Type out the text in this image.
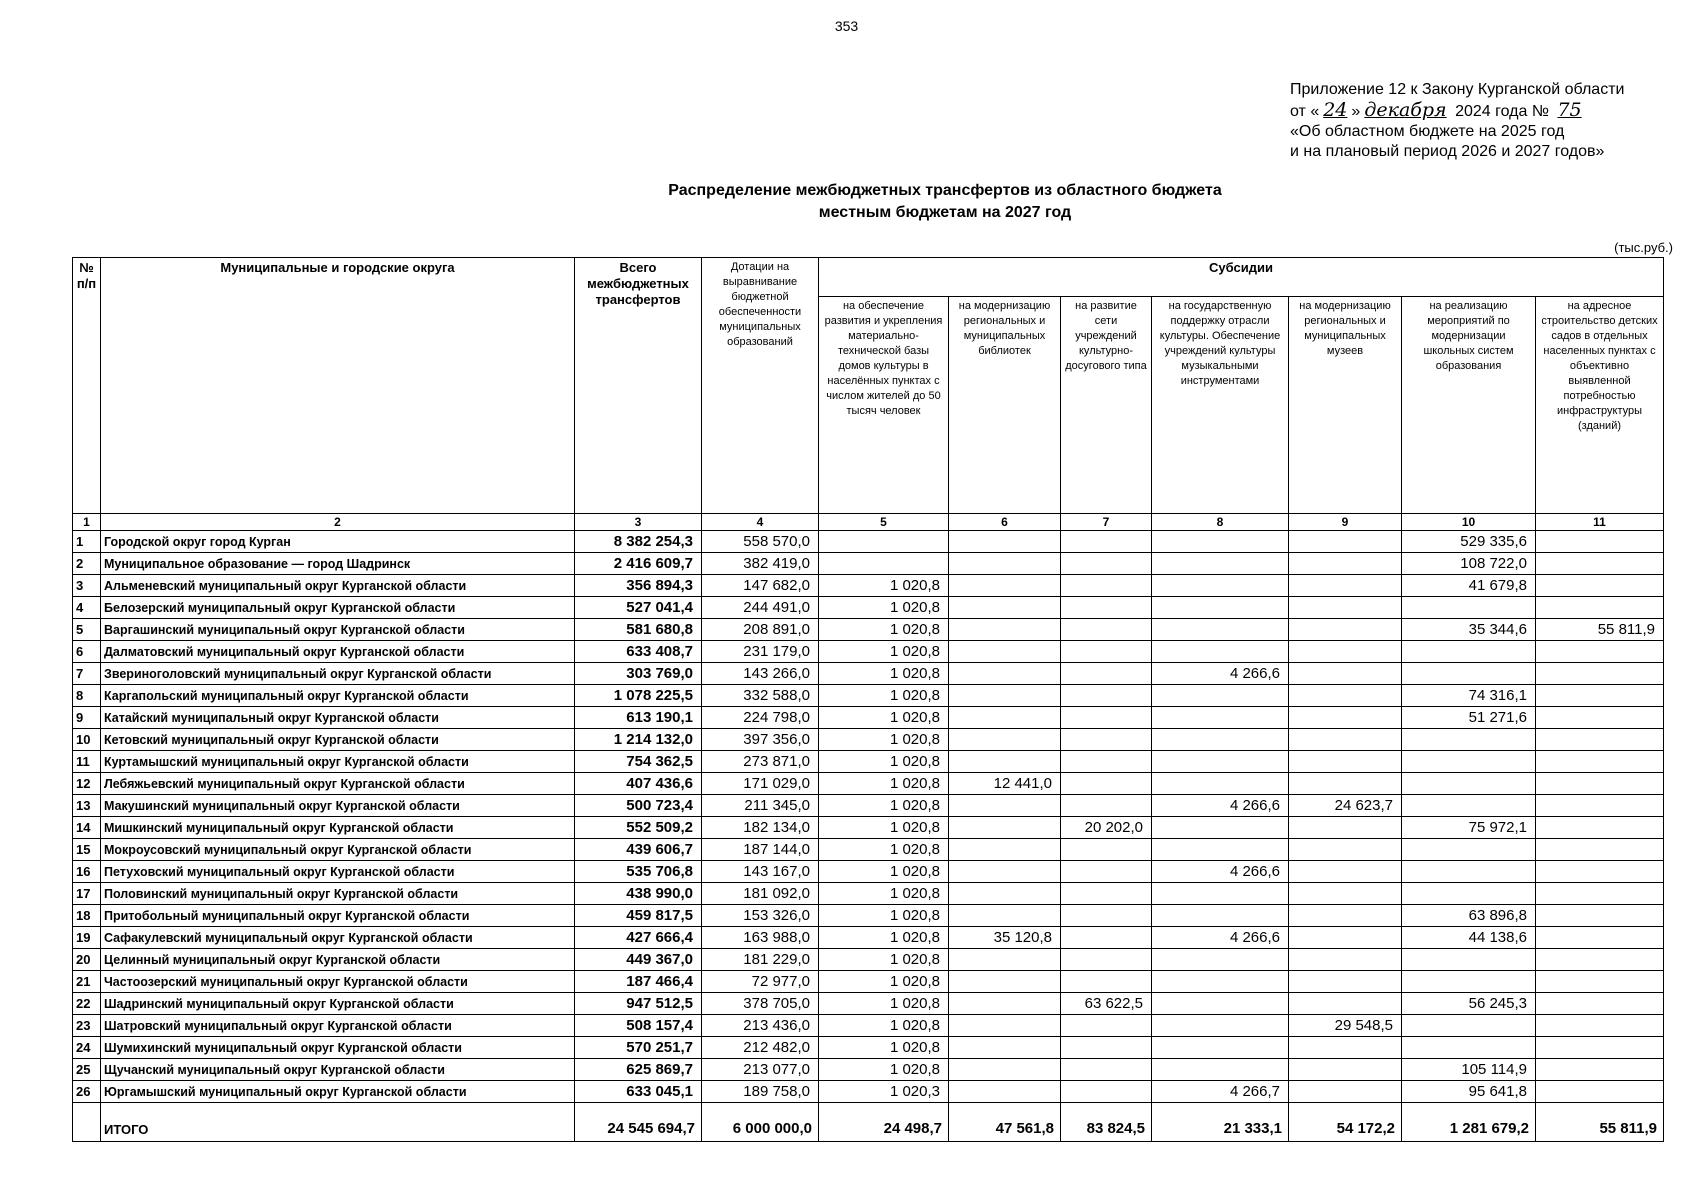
353
Приложение 12 к Закону Курганской области
от « 24 » декабря 2024 года № 75
«Об областном бюджете на 2025 год
и на плановый период 2026 и 2027 годов»
Распределение межбюджетных трансфертов из областного бюджета
местным бюджетам на 2027 год
(тыс.руб.)
№ п/п	Муниципальные и городские округа	Всего межбюджетных трансфертов	Дотации на выравнивание бюджетной обеспеченности муниципальных образований	Субсидии						
				на обеспечение развития и укрепления материально-технической базы домов культуры в населённых пунктах с числом жителей до 50 тысяч человек	на модернизацию региональных и муниципальных библиотек	на развитие сети учреждений культурно-досугового типа	на государственную поддержку отрасли культуры. Обеспечение учреждений культуры музыкальными инструментами	на модернизацию региональных и муниципальных музеев	на реализацию мероприятий по модернизации школьных систем образования	на адресное строительство детских садов в отдельных населенных пунктах с объективно выявленной потребностью инфраструктуры (зданий)
1	2	3	4	5	6	7	8	9	10	11
1	Городской округ город Курган	8 382 254,3	558 570,0						529 335,6	
2	Муниципальное образование — город Шадринск	2 416 609,7	382 419,0						108 722,0	
3	Альменевский муниципальный округ Курганской области	356 894,3	147 682,0	1 020,8					41 679,8	
4	Белозерский муниципальный округ Курганской области	527 041,4	244 491,0	1 020,8						
5	Варгашинский муниципальный округ Курганской области	581 680,8	208 891,0	1 020,8					35 344,6	55 811,9
6	Далматовский муниципальный округ Курганской области	633 408,7	231 179,0	1 020,8						
7	Звериноголовский муниципальный округ Курганской области	303 769,0	143 266,0	1 020,8			4 266,6			
8	Каргапольский муниципальный округ Курганской области	1 078 225,5	332 588,0	1 020,8					74 316,1	
9	Катайский муниципальный округ Курганской области	613 190,1	224 798,0	1 020,8					51 271,6	
10	Кетовский муниципальный округ Курганской области	1 214 132,0	397 356,0	1 020,8						
11	Куртамышский муниципальный округ Курганской области	754 362,5	273 871,0	1 020,8						
12	Лебяжьевский муниципальный округ Курганской области	407 436,6	171 029,0	1 020,8	12 441,0					
13	Макушинский муниципальный округ Курганской области	500 723,4	211 345,0	1 020,8			4 266,6	24 623,7		
14	Мишкинский муниципальный округ Курганской области	552 509,2	182 134,0	1 020,8		20 202,0			75 972,1	
15	Мокроусовский муниципальный округ Курганской области	439 606,7	187 144,0	1 020,8						
16	Петуховский муниципальный округ Курганской области	535 706,8	143 167,0	1 020,8			4 266,6			
17	Половинский муниципальный округ Курганской области	438 990,0	181 092,0	1 020,8						
18	Притобольный муниципальный округ Курганской области	459 817,5	153 326,0	1 020,8					63 896,8	
19	Сафакулевский муниципальный округ Курганской области	427 666,4	163 988,0	1 020,8	35 120,8		4 266,6		44 138,6	
20	Целинный муниципальный округ Курганской области	449 367,0	181 229,0	1 020,8						
21	Частоозерский муниципальный округ Курганской области	187 466,4	72 977,0	1 020,8						
22	Шадринский муниципальный округ Курганской области	947 512,5	378 705,0	1 020,8		63 622,5			56 245,3	
23	Шатровский муниципальный округ Курганской области	508 157,4	213 436,0	1 020,8				29 548,5		
24	Шумихинский муниципальный округ Курганской области	570 251,7	212 482,0	1 020,8						
25	Щучанский муниципальный округ Курганской области	625 869,7	213 077,0	1 020,8					105 114,9	
26	Юргамышский муниципальный округ Курганской области	633 045,1	189 758,0	1 020,3			4 266,7		95 641,8	
	ИТОГО	24 545 694,7	6 000 000,0	24 498,7	47 561,8	83 824,5	21 333,1	54 172,2	1 281 679,2	55 811,9
